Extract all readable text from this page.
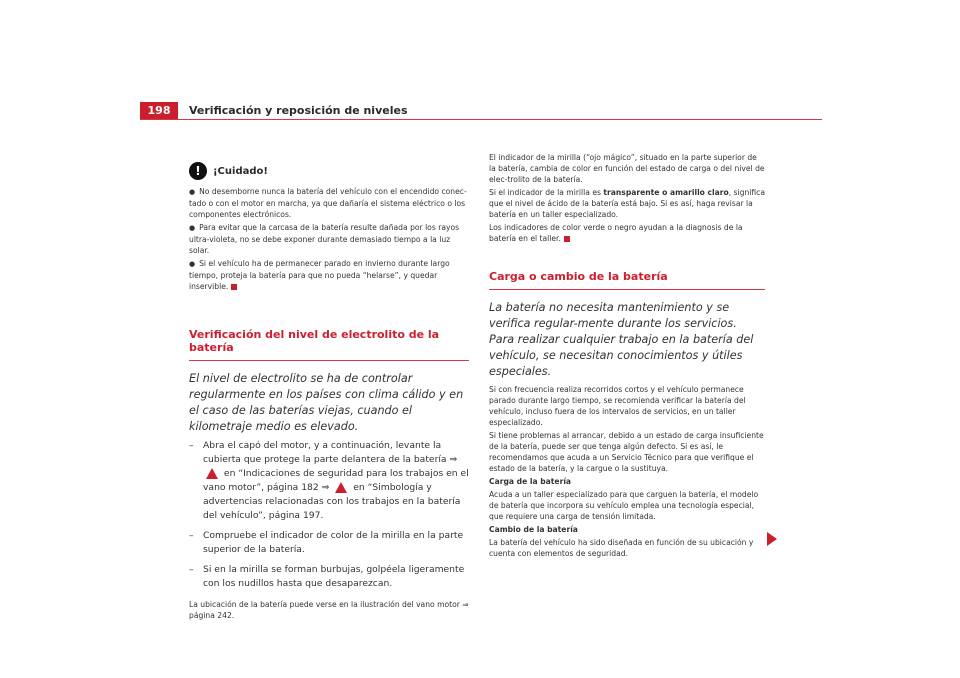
198	Verificación y reposición de niveles
!	¡Cuidado!

● No desemborne nunca la batería del vehículo con el encendido conec-tado o con el motor en marcha, ya que dañaría el sistema eléctrico o los componentes electrónicos.

● Para evitar que la carcasa de la batería resulte dañada por los rayos ultra-violeta, no se debe exponer durante demasiado tiempo a la luz solar.

● Si el vehículo ha de permanecer parado en invierno durante largo tiempo, proteja la batería para que no pueda “helarse”, y quedar inservible.

Verificación del nivel de electrolito de la batería

El nivel de electrolito se ha de controlar regularmente en los países con clima cálido y en el caso de las baterías viejas, cuando el kilometraje medio es elevado.

– Abra el capó del motor, y a continuación, levante la cubierta que protege la parte delantera de la batería ⇒  en “Indicaciones de seguridad para los trabajos en el vano motor”, página 182 ⇒	en “Simbología y advertencias relacionadas con los trabajos en la batería del vehículo”, página 197.
– Compruebe el indicador de color de la mirilla en la parte superior de la batería.
– Si en la mirilla se forman burbujas, golpéela ligeramente con los nudillos hasta que desaparezcan.

La ubicación de la batería puede verse en la ilustración del vano motor ⇒ página 242.

El indicador de la mirilla (“ojo mágico”, situado en la parte superior de la batería, cambia de color en función del estado de carga o del nivel de elec-trolito de la batería.

Si el indicador de la mirilla es transparente o amarillo claro, significa que el nivel de ácido de la batería está bajo. Si es así, haga revisar la batería en un taller especializado.

Los indicadores de color verde o negro ayudan a la diagnosis de la batería en el taller.

Carga o cambio de la batería

La batería no necesita mantenimiento y se verifica regular-mente durante los servicios. Para realizar cualquier trabajo en la batería del vehículo, se necesitan conocimientos y útiles especiales.

Si con frecuencia realiza recorridos cortos y el vehículo permanece parado durante largo tiempo, se recomienda verificar la batería del vehículo, incluso fuera de los intervalos de servicios, en un taller especializado.

Si tiene problemas al arrancar, debido a un estado de carga insuficiente de la batería, puede ser que tenga algún defecto. Si es así, le recomendamos que acuda a un Servicio Técnico para que verifique el estado de la batería, y la cargue o la sustituya.

Carga de la batería

Acuda a un taller especializado para que carguen la batería, el modelo de batería que incorpora su vehículo emplea una tecnología especial, que requiere una carga de tensión limitada.

Cambio de la batería

La batería del vehículo ha sido diseñada en función de su ubicación y cuenta con elementos de seguridad.
